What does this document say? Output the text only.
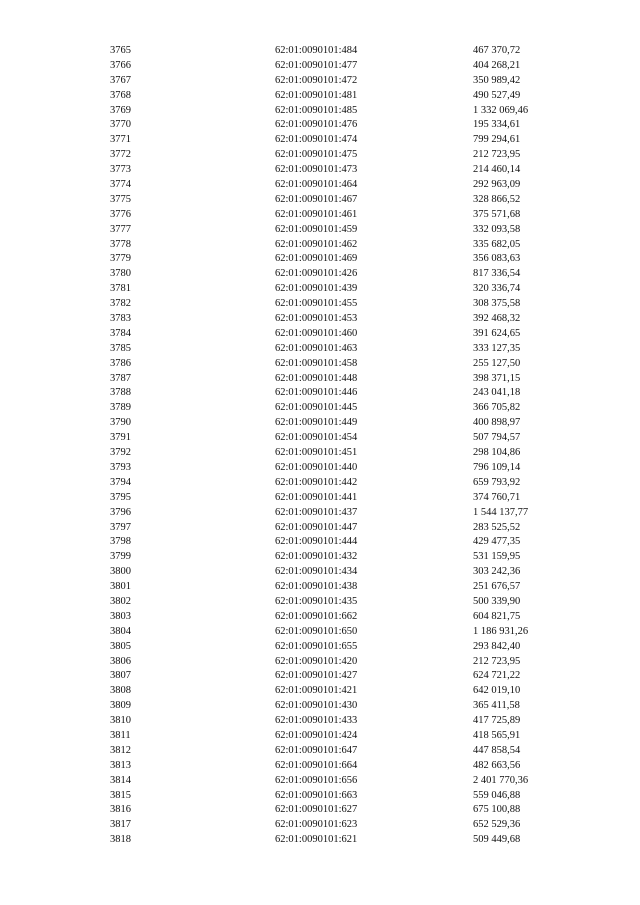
3765	62:01:0090101:484	467 370,72
3766	62:01:0090101:477	404 268,21
3767	62:01:0090101:472	350 989,42
3768	62:01:0090101:481	490 527,49
3769	62:01:0090101:485	1 332 069,46
3770	62:01:0090101:476	195 334,61
3771	62:01:0090101:474	799 294,61
3772	62:01:0090101:475	212 723,95
3773	62:01:0090101:473	214 460,14
3774	62:01:0090101:464	292 963,09
3775	62:01:0090101:467	328 866,52
3776	62:01:0090101:461	375 571,68
3777	62:01:0090101:459	332 093,58
3778	62:01:0090101:462	335 682,05
3779	62:01:0090101:469	356 083,63
3780	62:01:0090101:426	817 336,54
3781	62:01:0090101:439	320 336,74
3782	62:01:0090101:455	308 375,58
3783	62:01:0090101:453	392 468,32
3784	62:01:0090101:460	391 624,65
3785	62:01:0090101:463	333 127,35
3786	62:01:0090101:458	255 127,50
3787	62:01:0090101:448	398 371,15
3788	62:01:0090101:446	243 041,18
3789	62:01:0090101:445	366 705,82
3790	62:01:0090101:449	400 898,97
3791	62:01:0090101:454	507 794,57
3792	62:01:0090101:451	298 104,86
3793	62:01:0090101:440	796 109,14
3794	62:01:0090101:442	659 793,92
3795	62:01:0090101:441	374 760,71
3796	62:01:0090101:437	1 544 137,77
3797	62:01:0090101:447	283 525,52
3798	62:01:0090101:444	429 477,35
3799	62:01:0090101:432	531 159,95
3800	62:01:0090101:434	303 242,36
3801	62:01:0090101:438	251 676,57
3802	62:01:0090101:435	500 339,90
3803	62:01:0090101:662	604 821,75
3804	62:01:0090101:650	1 186 931,26
3805	62:01:0090101:655	293 842,40
3806	62:01:0090101:420	212 723,95
3807	62:01:0090101:427	624 721,22
3808	62:01:0090101:421	642 019,10
3809	62:01:0090101:430	365 411,58
3810	62:01:0090101:433	417 725,89
3811	62:01:0090101:424	418 565,91
3812	62:01:0090101:647	447 858,54
3813	62:01:0090101:664	482 663,56
3814	62:01:0090101:656	2 401 770,36
3815	62:01:0090101:663	559 046,88
3816	62:01:0090101:627	675 100,88
3817	62:01:0090101:623	652 529,36
3818	62:01:0090101:621	509 449,68
